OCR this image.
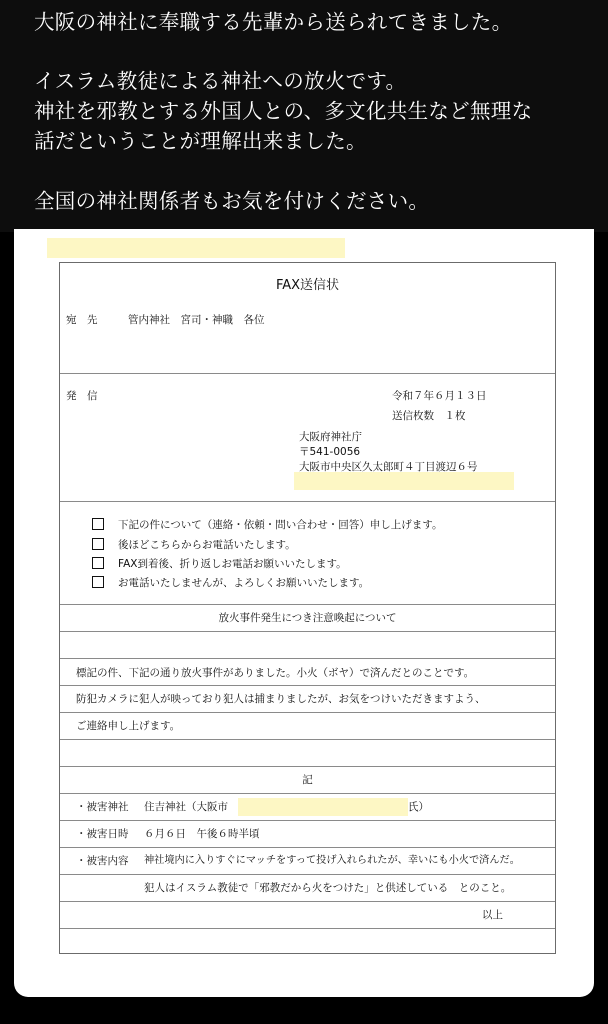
大阪の神社に奉職する先輩から送られてきました。

イスラム教徒による神社への放火です。

神社を邪教とする外国人との、多文化共生など無理な

話だということが理解出来ました。

全国の神社関係者もお気を付けください。

FAX送信状
宛　先	管内神社　宮司・神職　各位
発　信	令和７年６月１３日
送信枚数　１枚
大阪府神社庁
〒541-0056
大阪市中央区久太郎町４丁目渡辺６号
下記の件について（連絡・依頼・問い合わせ・回答）申し上げます。
後ほどこちらからお電話いたします。
FAX到着後、折り返しお電話お願いいたします。
お電話いたしませんが、よろしくお願いいたします。
放火事件発生につき注意喚起について
標記の件、下記の通り放火事件がありました。小火（ボヤ）で済んだとのことです。
防犯カメラに犯人が映っており犯人は捕まりましたが、お気をつけいただきますよう、
ご連絡申し上げます。
記
・被害神社 住吉神社（大阪市	氏）
・被害日時 ６月６日　午後６時半頃
・被害内容 神社境内に入りすぐにマッチをすって投げ入れられたが、幸いにも小火で済んだ。
犯人はイスラム教徒で「邪教だから火をつけた」と供述している　とのこと。
以上
